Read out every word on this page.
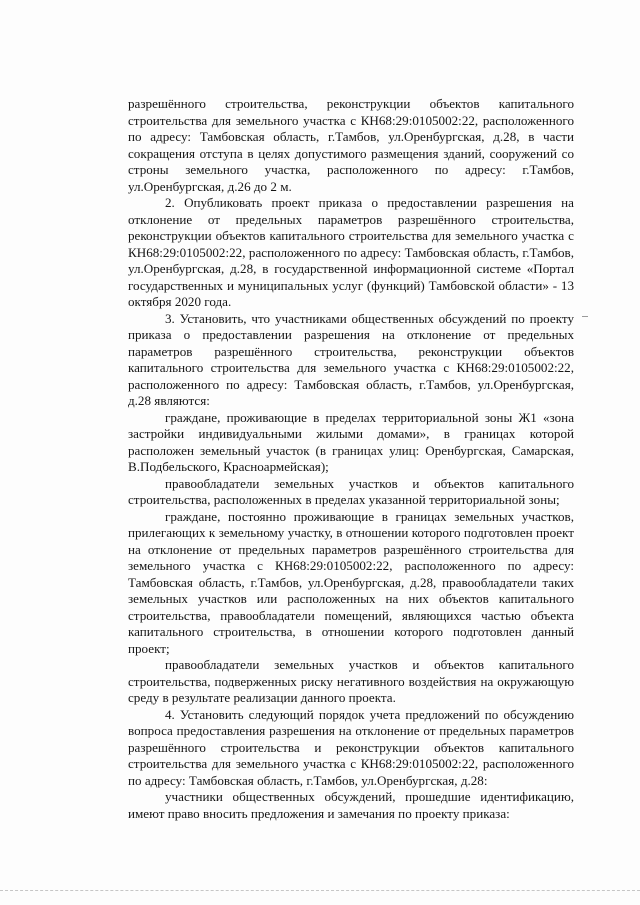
разрешённого строительства, реконструкции объектов капитального строительства для земельного участка с КН68:29:0105002:22, расположенного по адресу: Тамбовская область, г.Тамбов, ул.Оренбургская, д.28, в части сокращения отступа в целях допустимого размещения зданий, сооружений со строны земельного участка, расположенного по адресу: г.Тамбов, ул.Оренбургская, д.26 до 2 м.

2. Опубликовать проект приказа о предоставлении разрешения на отклонение от предельных параметров разрешённого строительства, реконструкции объектов капитального строительства для земельного участка с КН68:29:0105002:22, расположенного по адресу: Тамбовская область, г.Тамбов, ул.Оренбургская, д.28, в государственной информационной системе «Портал государственных и муниципальных услуг (функций) Тамбовской области» - 13 октября 2020 года.

3. Установить, что участниками общественных обсуждений по проекту приказа о предоставлении разрешения на отклонение от предельных параметров разрешённого строительства, реконструкции объектов капитального строительства для земельного участка с КН68:29:0105002:22, расположенного по адресу: Тамбовская область, г.Тамбов, ул.Оренбургская, д.28 являются:

граждане, проживающие в пределах территориальной зоны Ж1 «зона застройки индивидуальными жилыми домами», в границах которой расположен земельный участок (в границах улиц: Оренбургская, Самарская, В.Подбельского, Красноармейская);

правообладатели земельных участков и объектов капитального строительства, расположенных в пределах указанной территориальной зоны;

граждане, постоянно проживающие в границах земельных участков, прилегающих к земельному участку, в отношении которого подготовлен проект на отклонение от предельных параметров разрешённого строительства для земельного участка с КН68:29:0105002:22, расположенного по адресу: Тамбовская область, г.Тамбов, ул.Оренбургская, д.28, правообладатели таких земельных участков или расположенных на них объектов капитального строительства, правообладатели помещений, являющихся частью объекта капитального строительства, в отношении которого подготовлен данный проект;

правообладатели земельных участков и объектов капитального строительства, подверженных риску негативного воздействия на окружающую среду в результате реализации данного проекта.

4. Установить следующий порядок учета предложений по обсуждению вопроса предоставления разрешения на отклонение от предельных параметров разрешённого строительства и реконструкции объектов капитального строительства для земельного участка с КН68:29:0105002:22, расположенного по адресу: Тамбовская область, г.Тамбов, ул.Оренбургская, д.28:

участники общественных обсуждений, прошедшие идентификацию, имеют право вносить предложения и замечания по проекту приказа:
